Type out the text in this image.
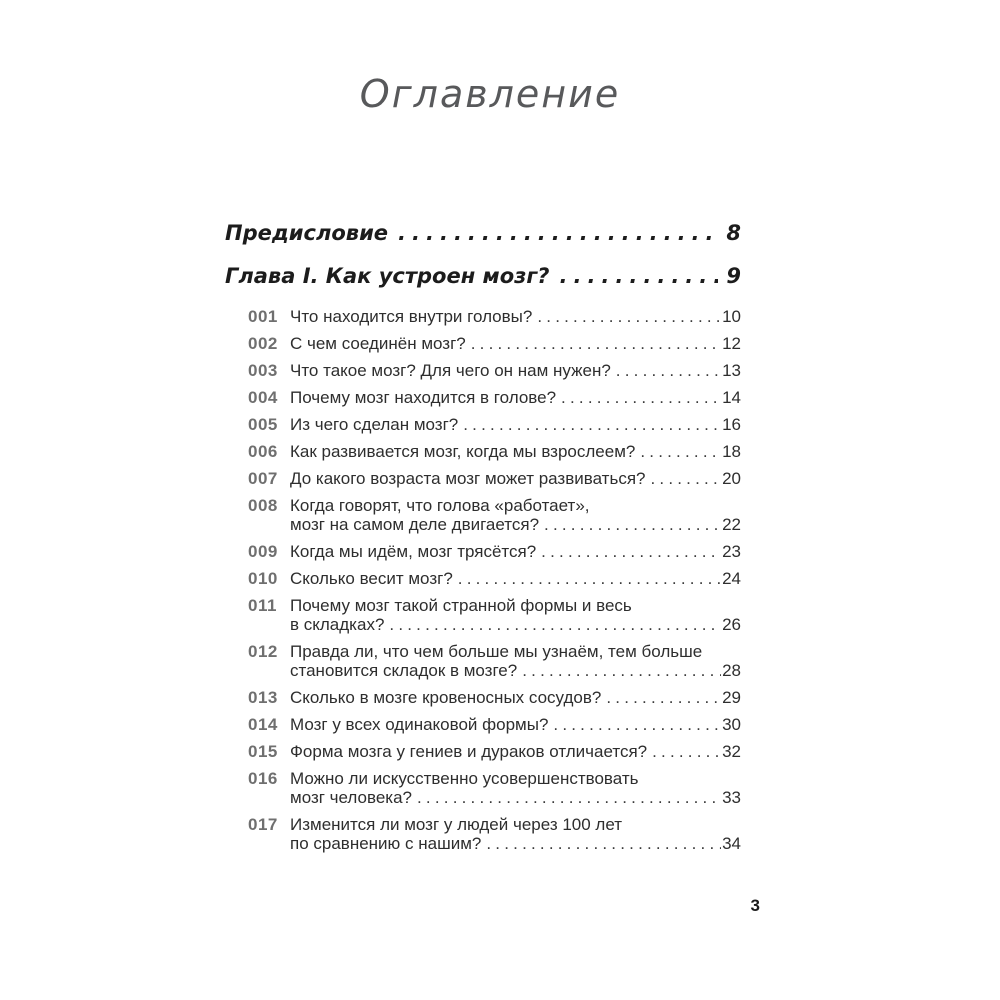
Оглавление
Предисловие .....	8
Глава I. Как устроен мозг? .....	9
001 Что находится внутри головы? .....	10
002 С чем соединён мозг? .....	12
003 Что такое мозг? Для чего он нам нужен? .....	13
004 Почему мозг находится в голове? .....	14
005 Из чего сделан мозг? .....	16
006 Как развивается мозг, когда мы взрослеем? .....	18
007 До какого возраста мозг может развиваться? .....	20
008 Когда говорят, что голова «работает»,
мозг на самом деле двигается? .....	22
009 Когда мы идём, мозг трясётся? .....	23
010 Сколько весит мозг? .....	24
011 Почему мозг такой странной формы и весь
в складках? .....	26
012 Правда ли, что чем больше мы узнаём, тем больше
становится складок в мозге? .....	28
013 Сколько в мозге кровеносных сосудов? .....	29
014 Мозг у всех одинаковой формы? .....	30
015 Форма мозга у гениев и дураков отличается? .....	32
016 Можно ли искусственно усовершенствовать
мозг человека? .....	33
017 Изменится ли мозг у людей через 100 лет
по сравнению с нашим? .....	34
3
